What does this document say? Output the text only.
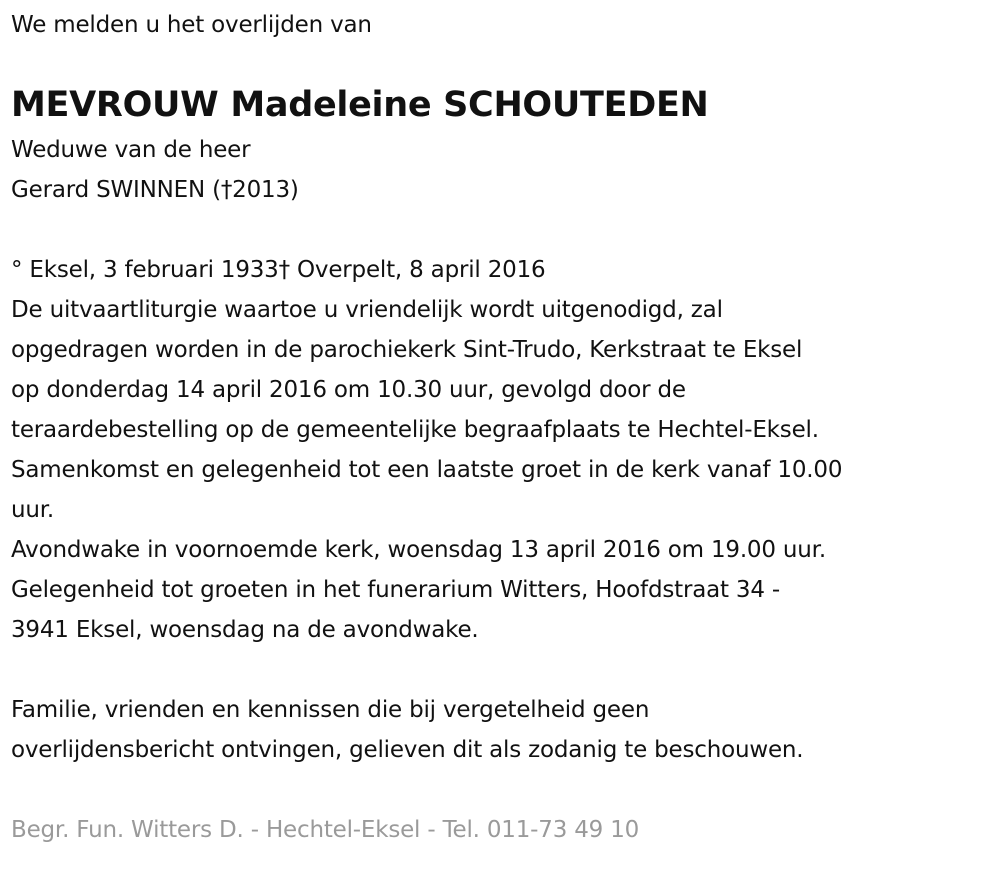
We melden u het overlijden van
MEVROUW Madeleine SCHOUTEDEN
Weduwe van de heer
Gerard SWINNEN (†2013)
° Eksel, 3 februari 1933† Overpelt, 8 april 2016
De uitvaartliturgie waartoe u vriendelijk wordt uitgenodigd, zal
opgedragen worden in de parochiekerk Sint-Trudo, Kerkstraat te Eksel
op donderdag 14 april 2016 om 10.30 uur, gevolgd door de
teraardebestelling op de gemeentelijke begraafplaats te Hechtel-Eksel.
Samenkomst en gelegenheid tot een laatste groet in de kerk vanaf 10.00
uur.
Avondwake in voornoemde kerk, woensdag 13 april 2016 om 19.00 uur.
Gelegenheid tot groeten in het funerarium Witters, Hoofdstraat 34 -
3941 Eksel, woensdag na de avondwake.
Familie, vrienden en kennissen die bij vergetelheid geen
overlijdensbericht ontvingen, gelieven dit als zodanig te beschouwen.
Begr. Fun. Witters D. - Hechtel-Eksel - Tel. 011-73 49 10
